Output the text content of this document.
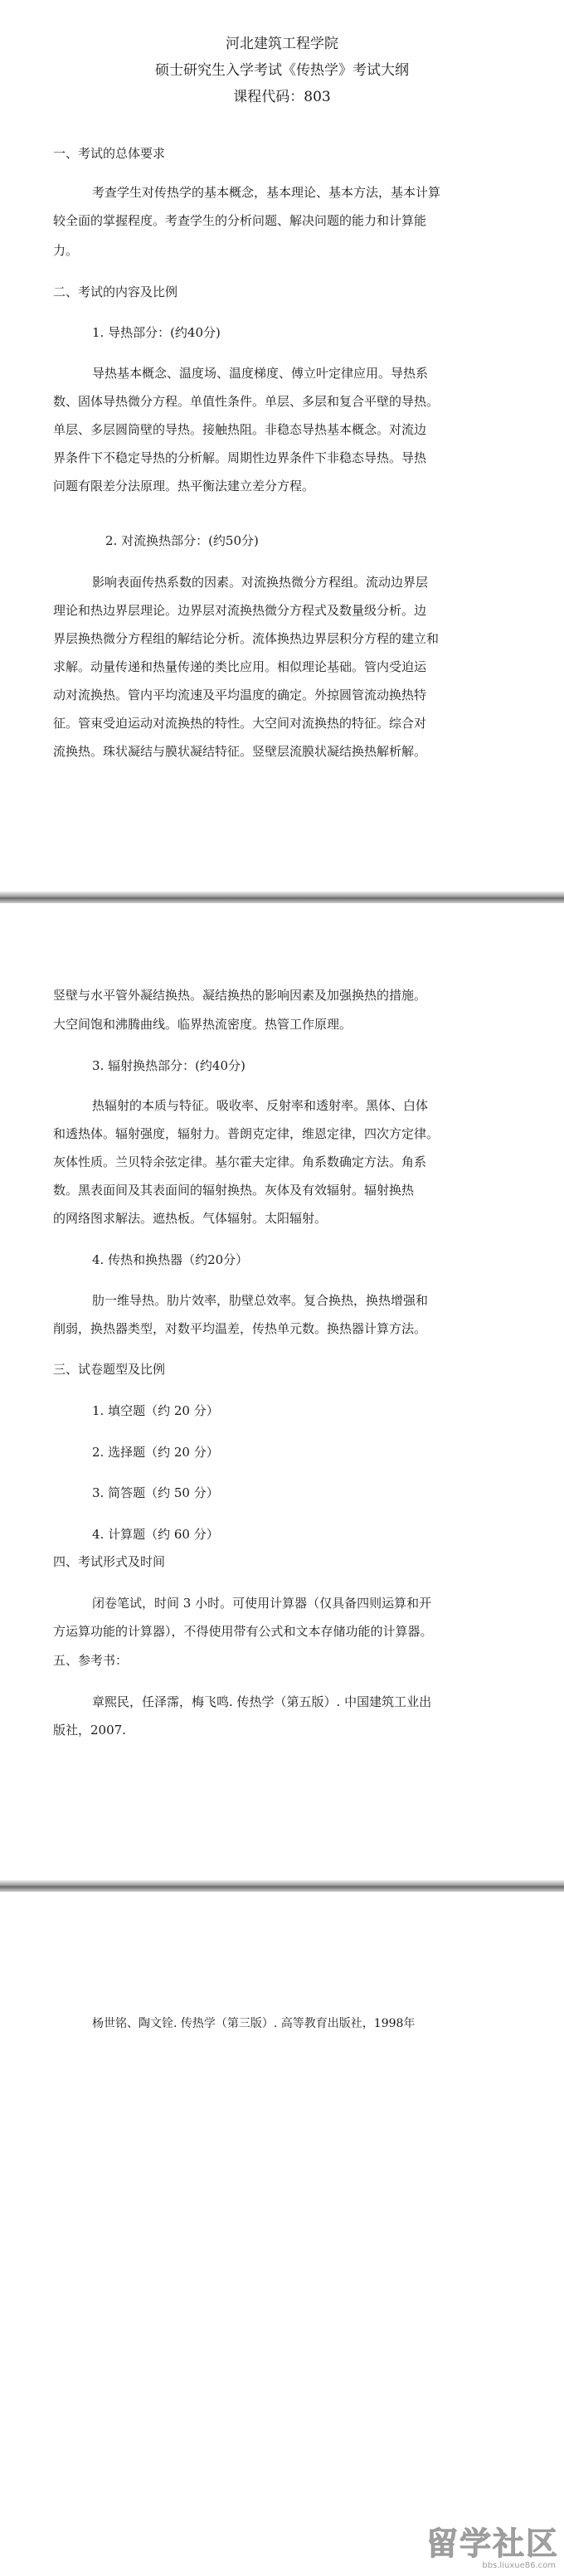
河北建筑工程学院
硕士研究生入学考试《传热学》考试大纲
课程代码：803
一、考试的总体要求
考查学生对传热学的基本概念，基本理论、基本方法，基本计算
较全面的掌握程度。考查学生的分析问题、解决问题的能力和计算能
力。
二、考试的内容及比例
1. 导热部分：(约40分)
导热基本概念、温度场、温度梯度、傅立叶定律应用。导热系
数、固体导热微分方程。单值性条件。单层、多层和复合平壁的导热。
单层、多层圆筒壁的导热。接触热阻。非稳态导热基本概念。对流边
界条件下不稳定导热的分析解。周期性边界条件下非稳态导热。导热
问题有限差分法原理。热平衡法建立差分方程。
2. 对流换热部分：(约50分)
影响表面传热系数的因素。对流换热微分方程组。流动边界层
理论和热边界层理论。边界层对流换热微分方程式及数量级分析。边
界层换热微分方程组的解结论分析。流体换热边界层积分方程的建立和
求解。动量传递和热量传递的类比应用。相似理论基础。管内受迫运
动对流换热。管内平均流速及平均温度的确定。外掠圆管流动换热特
征。管束受迫运动对流换热的特性。大空间对流换热的特征。综合对
流换热。珠状凝结与膜状凝结特征。竖壁层流膜状凝结换热解析解。
竖壁与水平管外凝结换热。凝结换热的影响因素及加强换热的措施。
大空间饱和沸腾曲线。临界热流密度。热管工作原理。
3. 辐射换热部分：(约40分)
热辐射的本质与特征。吸收率、反射率和透射率。黑体、白体
和透热体。辐射强度，辐射力。普朗克定律，维恩定律，四次方定律。
灰体性质。兰贝特余弦定律。基尔霍夫定律。角系数确定方法。角系
数。黑表面间及其表面间的辐射换热。灰体及有效辐射。辐射换热
的网络图求解法。遮热板。气体辐射。太阳辐射。
4. 传热和换热器（约20分）
肋一维导热。肋片效率，肋壁总效率。复合换热，换热增强和
削弱，换热器类型，对数平均温差，传热单元数。换热器计算方法。
三、试卷题型及比例
1. 填空题（约 20 分）
2. 选择题（约 20 分）
3. 简答题（约 50 分）
4. 计算题（约 60 分）
四、考试形式及时间
闭卷笔试，时间 3 小时。可使用计算器（仅具备四则运算和开
方运算功能的计算器），不得使用带有公式和文本存储功能的计算器。
五、参考书：
章熙民，任泽霈，梅飞鸣. 传热学（第五版）. 中国建筑工业出
版社，2007.
杨世铭、陶文铨. 传热学（第三版）. 高等教育出版社，1998年
留学社区
bbs.liuxue86.com
